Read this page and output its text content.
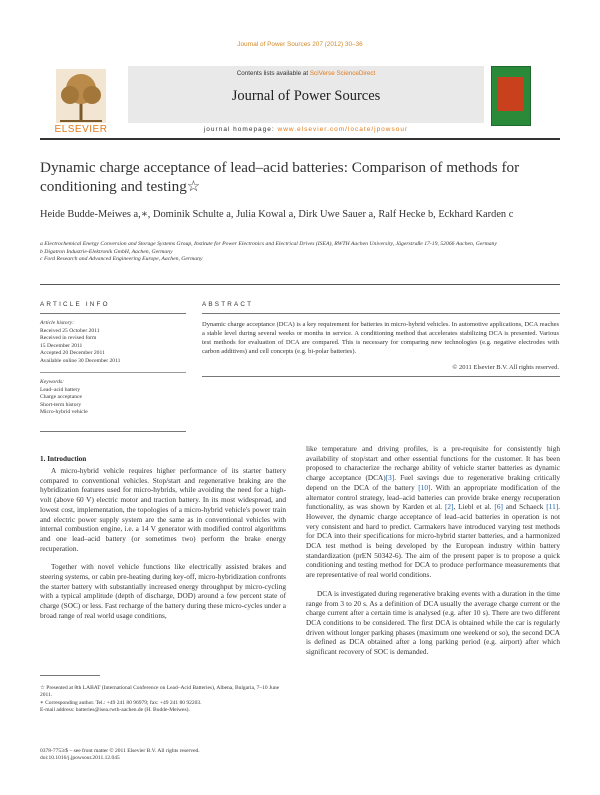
Journal of Power Sources 207 (2012) 30–36
ELSEVIER
Contents lists available at SciVerse ScienceDirect
Journal of Power Sources
journal homepage: www.elsevier.com/locate/jpowsour
Dynamic charge acceptance of lead–acid batteries: Comparison of methods for conditioning and testing☆
Heide Budde-Meiwes a,∗, Dominik Schulte a, Julia Kowal a, Dirk Uwe Sauer a, Ralf Hecke b, Eckhard Karden c
a Electrochemical Energy Conversion and Storage Systems Group, Institute for Power Electronics and Electrical Drives (ISEA), RWTH Aachen University, Jägerstraße 17-19, 52066 Aachen, Germany
b Digatron Industrie-Elektronik GmbH, Aachen, Germany
c Ford Research and Advanced Engineering Europe, Aachen, Germany
ARTICLE INFO	ABSTRACT
Article history:
Received 25 October 2011
Received in revised form
15 December 2011
Accepted 20 December 2011
Available online 30 December 2011
Keywords:
Lead–acid battery
Charge acceptance
Short-term history
Micro-hybrid vehicle
Dynamic charge acceptance (DCA) is a key requirement for batteries in micro-hybrid vehicles. In automotive applications, DCA reaches a stable level during several weeks or months in service. A conditioning method that accelerates stabilizing DCA is presented. Various test methods for evaluation of DCA are compared. This is necessary for comparing new technologies (e.g. negative electrodes with carbon additives) and cell concepts (e.g. bi-polar batteries).
© 2011 Elsevier B.V. All rights reserved.
1. Introduction

A micro-hybrid vehicle requires higher performance of its starter battery compared to conventional vehicles. Stop/start and regenerative braking are the hybridization features used for micro-hybrids, while avoiding the need for a high-volt (above 60 V) electric motor and traction battery. In its most widespread, and lowest cost, implementation, the topologies of a micro-hybrid vehicle's power train and electric power supply system are the same as in conventional vehicles with internal combustion engine, i.e. a 14 V generator with modified control algorithms and one lead–acid battery (or sometimes two) perform the brake energy recuperation.

Together with novel vehicle functions like electrically assisted brakes and steering systems, or cabin pre-heating during key-off, micro-hybridization confronts the starter battery with substantially increased energy throughput by micro-cycling with a typical amplitude (depth of discharge, DOD) around a few percent state of charge (SOC) or less. Fast recharge of the battery during these micro-cycles under a broad range of real world usage conditions,

like temperature and driving profiles, is a pre-requisite for consistently high availability of stop/start and other essential functions for the customer. It has been proposed to characterize the recharge ability of vehicle starter batteries as dynamic charge acceptance (DCA)[3]. Fuel savings due to regenerative braking critically depend on the DCA of the battery [10]. With an appropriate modification of the alternator control strategy, lead–acid batteries can provide brake energy recuperation functionality, as was shown by Karden et al. [2], Liebl et al. [6] and Schaeck [11]. However, the dynamic charge acceptance of lead–acid batteries in operation is not very consistent and hard to predict. Carmakers have introduced varying test methods for DCA into their specifications for micro-hybrid starter batteries, and a harmonized DCA test method is being developed by the European industry within battery standardization (prEN 50342-6). The aim of the present paper is to propose a quick conditioning and testing method for DCA to produce performance measurements that are representative of real world conditions.

DCA is investigated during regenerative braking events with a duration in the time range from 3 to 20 s. As a definition of DCA usually the average charge current or the charge current after a certain time is analysed (e.g. after 10 s). There are two different DCA conditions to be considered. The first DCA is obtained while the car is regularly driven without longer parking phases (maximum one weekend or so), the second DCA is defined as DCA obtained after a long parking period (e.g. airport) after which significant recovery of SOC is demanded.

☆ Presented at 8th LABAT (International Conference on Lead–Acid Batteries), Albena, Bulgaria, 7–10 June 2011.
∗ Corresponding author. Tel.: +49 241 80 96979; fax: +49 241 80 92203.
E-mail address: batteries@isea.rwth-aachen.de (H. Budde-Meiwes).
0378-7753/$ – see front matter © 2011 Elsevier B.V. All rights reserved.
doi:10.1016/j.jpowsour.2011.12.045
